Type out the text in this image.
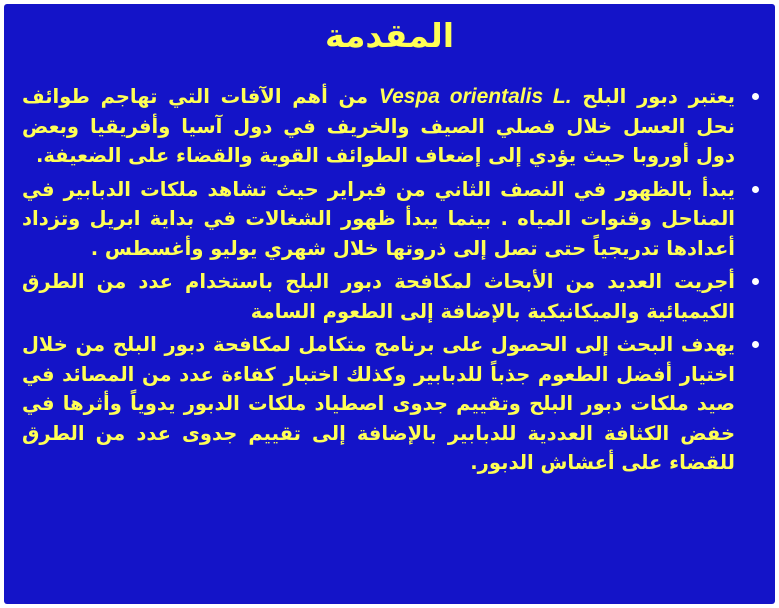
المقدمة
يعتبر دبور البلح Vespa orientalis L. من أهم الآفات التي تهاجم طوائف نحل العسل خلال فصلي الصيف والخريف في دول آسيا وأفريقيا وبعض دول أوروبا حيث يؤدي إلى إضعاف الطوائف القوية والقضاء على الضعيفة.
يبدأ بالظهور في النصف الثاني من فبراير حيث تشاهد ملكات الدبابير في المناحل وقنوات المياه . بينما يبدأ ظهور الشغالات في بداية ابريل وتزداد أعدادها تدريجياً حتى تصل إلى ذروتها خلال شهري يوليو وأغسطس .
أجريت العديد من الأبحاث لمكافحة دبور البلح باستخدام عدد من الطرق الكيميائية والميكانيكية بالإضافة إلى الطعوم السامة
يهدف البحث إلى الحصول على برنامج متكامل لمكافحة دبور البلح من خلال اختيار أفضل الطعوم جذباً للدبابير وكذلك اختبار كفاءة عدد من المصائد في صيد ملكات دبور البلح وتقييم جدوى اصطياد ملكات الدبور يدوياً وأثرها في خفض الكثافة العددية للدبابير بالإضافة إلى تقييم جدوى عدد من الطرق للقضاء على أعشاش الدبور.
